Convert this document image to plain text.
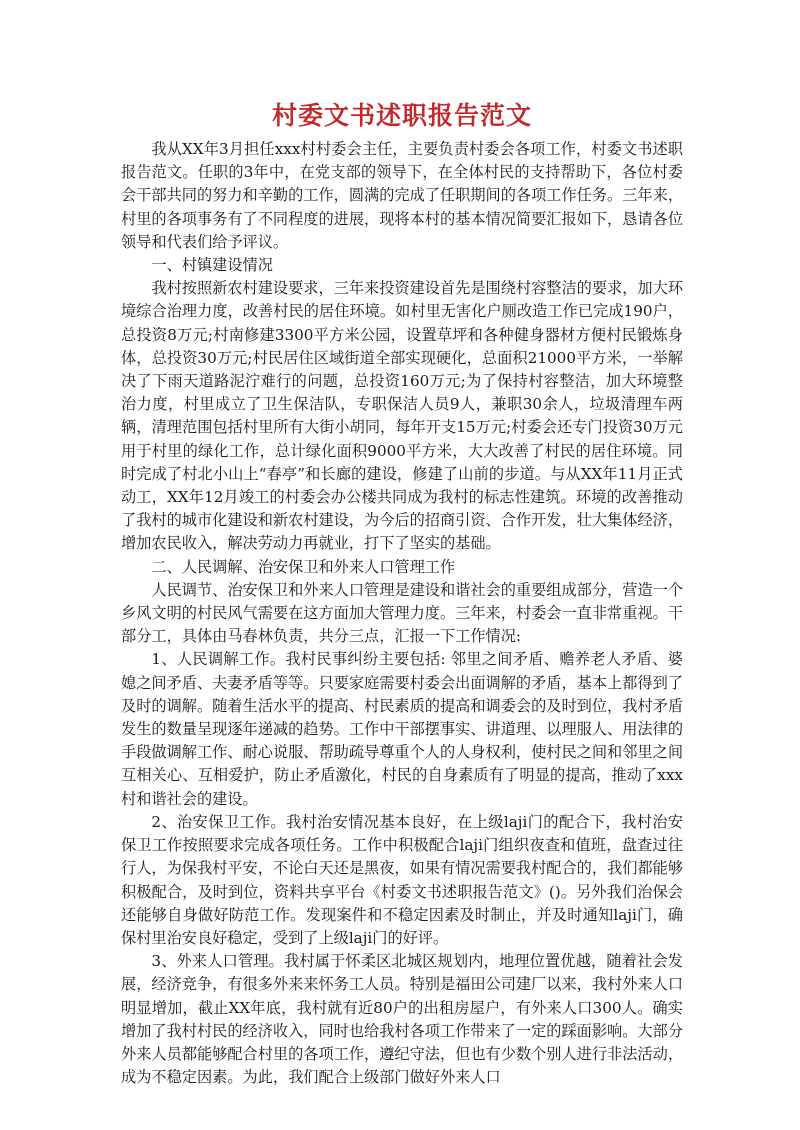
村委文书述职报告范文

我从XX年3月担任xxx村村委会主任，主要负责村委会各项工作，村委文书述职报告范文。任职的3年中，在党支部的领导下，在全体村民的支持帮助下，各位村委会干部共同的努力和辛勤的工作，圆满的完成了任职期间的各项工作任务。三年来，村里的各项事务有了不同程度的进展，现将本村的基本情况简要汇报如下，恳请各位领导和代表们给予评议。

一、村镇建设情况

我村按照新农村建设要求，三年来投资建设首先是围绕村容整洁的要求，加大环境综合治理力度，改善村民的居住环境。如村里无害化户厕改造工作已完成190户，总投资8万元;村南修建3300平方米公园，设置草坪和各种健身器材方便村民锻炼身体，总投资30万元;村民居住区域街道全部实现硬化，总面积21000平方米，一举解决了下雨天道路泥泞难行的问题，总投资160万元;为了保持村容整洁，加大环境整治力度，村里成立了卫生保洁队，专职保洁人员9人，兼职30余人，垃圾清理车两辆，清理范围包括村里所有大街小胡同，每年开支15万元;村委会还专门投资30万元用于村里的绿化工作，总计绿化面积9000平方米，大大改善了村民的居住环境。同时完成了村北小山上“春亭”和长廊的建设，修建了山前的步道。与从XX年11月正式动工，XX年12月竣工的村委会办公楼共同成为我村的标志性建筑。环境的改善推动了我村的城市化建设和新农村建设，为今后的招商引资、合作开发，壮大集体经济，增加农民收入，解决劳动力再就业，打下了坚实的基础。

二、人民调解、治安保卫和外来人口管理工作

人民调节、治安保卫和外来人口管理是建设和谐社会的重要组成部分，营造一个乡风文明的村民风气需要在这方面加大管理力度。三年来，村委会一直非常重视。干部分工，具体由马春林负责，共分三点，汇报一下工作情况:

1、人民调解工作。我村民事纠纷主要包括: 邻里之间矛盾、赡养老人矛盾、婆媳之间矛盾、夫妻矛盾等等。只要家庭需要村委会出面调解的矛盾，基本上都得到了及时的调解。随着生活水平的提高、村民素质的提高和调委会的及时到位，我村矛盾发生的数量呈现逐年递减的趋势。工作中干部摆事实、讲道理、以理服人、用法律的手段做调解工作、耐心说服、帮助疏导尊重个人的人身权利，使村民之间和邻里之间互相关心、互相爱护，防止矛盾激化，村民的自身素质有了明显的提高，推动了xxx村和谐社会的建设。

2、治安保卫工作。我村治安情况基本良好，在上级laji门的配合下，我村治安保卫工作按照要求完成各项任务。工作中积极配合laji门组织夜查和值班，盘查过往行人，为保我村平安，不论白天还是黑夜，如果有情况需要我村配合的，我们都能够积极配合，及时到位，资料共享平台《村委文书述职报告范文》()。另外我们治保会还能够自身做好防范工作。发现案件和不稳定因素及时制止，并及时通知laji门，确保村里治安良好稳定，受到了上级laji门的好评。

3、外来人口管理。我村属于怀柔区北城区规划内，地理位置优越，随着社会发展，经济竞争，有很多外来来怀务工人员。特别是福田公司建厂以来，我村外来人口明显增加，截止XX年底，我村就有近80户的出租房屋户，有外来人口300人。确实增加了我村村民的经济收入，同时也给我村各项工作带来了一定的踩面影响。大部分外来人员都能够配合村里的各项工作，遵纪守法，但也有少数个别人进行非法活动，成为不稳定因素。为此，我们配合上级部门做好外来人口
